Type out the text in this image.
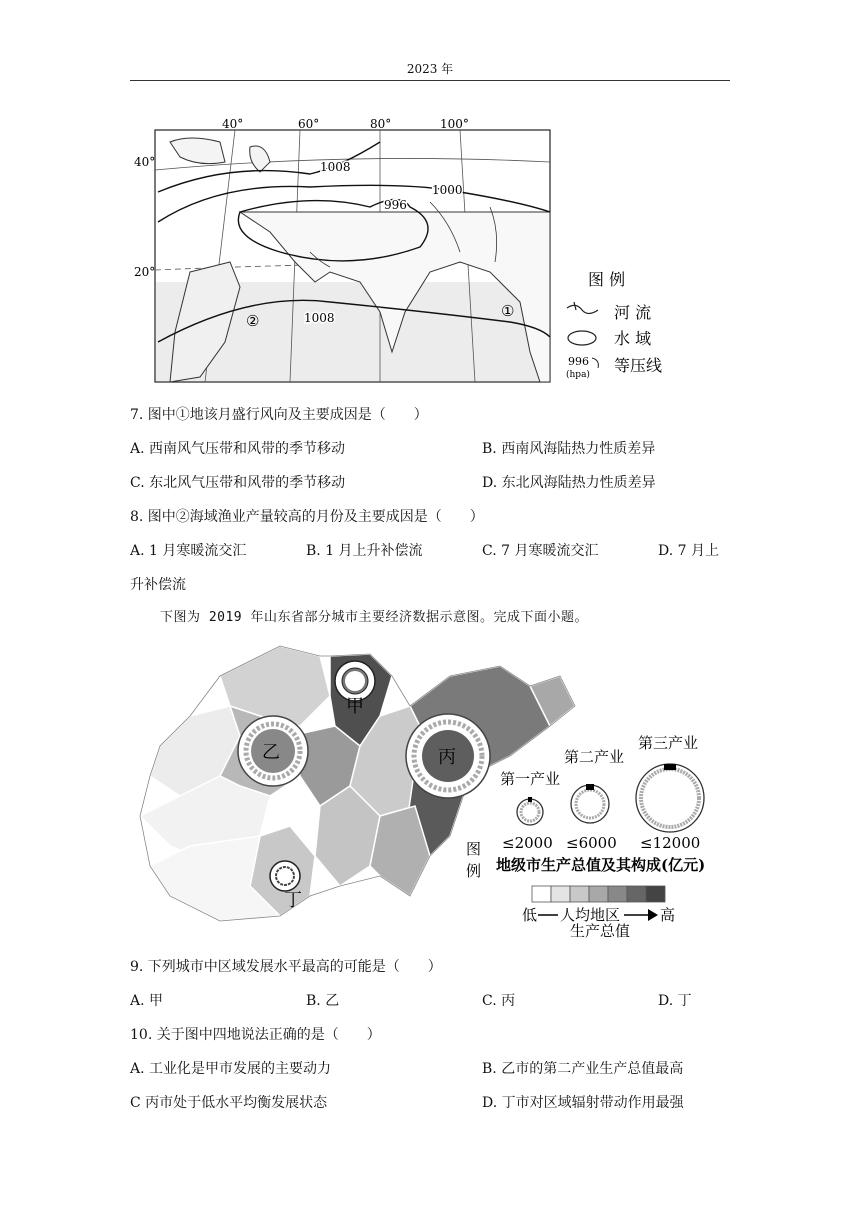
2023 年
40°	60°	80°	100°
40°
20°
1008
1000
996
1008
②
①
图 例
河 流
水 域
996
(hpa) 等压线
7. 图中①地该月盛行风向及主要成因是（　　）
A. 西南风气压带和风带的季节移动	B. 西南风海陆热力性质差异
C. 东北风气压带和风带的季节移动	D. 东北风海陆热力性质差异
8. 图中②海域渔业产量较高的月份及主要成因是（　　）
A. 1 月寒暖流交汇	B. 1 月上升补偿流	C. 7 月寒暖流交汇	D. 7 月上
升补偿流
下图为 2019 年山东省部分城市主要经济数据示意图。完成下面小题。
甲
乙	丙
丁
图
例
第一产业
第二产业
第三产业
≤2000 ≤6000 ≤12000
地级市生产总值及其构成(亿元)
低 人均地区	高
生产总值
9. 下列城市中区域发展水平最高的可能是（　　）
A. 甲	B. 乙	C. 丙	D. 丁
10. 关于图中四地说法正确的是（　　）
A. 工业化是甲市发展的主要动力	B. 乙市的第二产业生产总值最高
C 丙市处于低水平均衡发展状态	D. 丁市对区域辐射带动作用最强
